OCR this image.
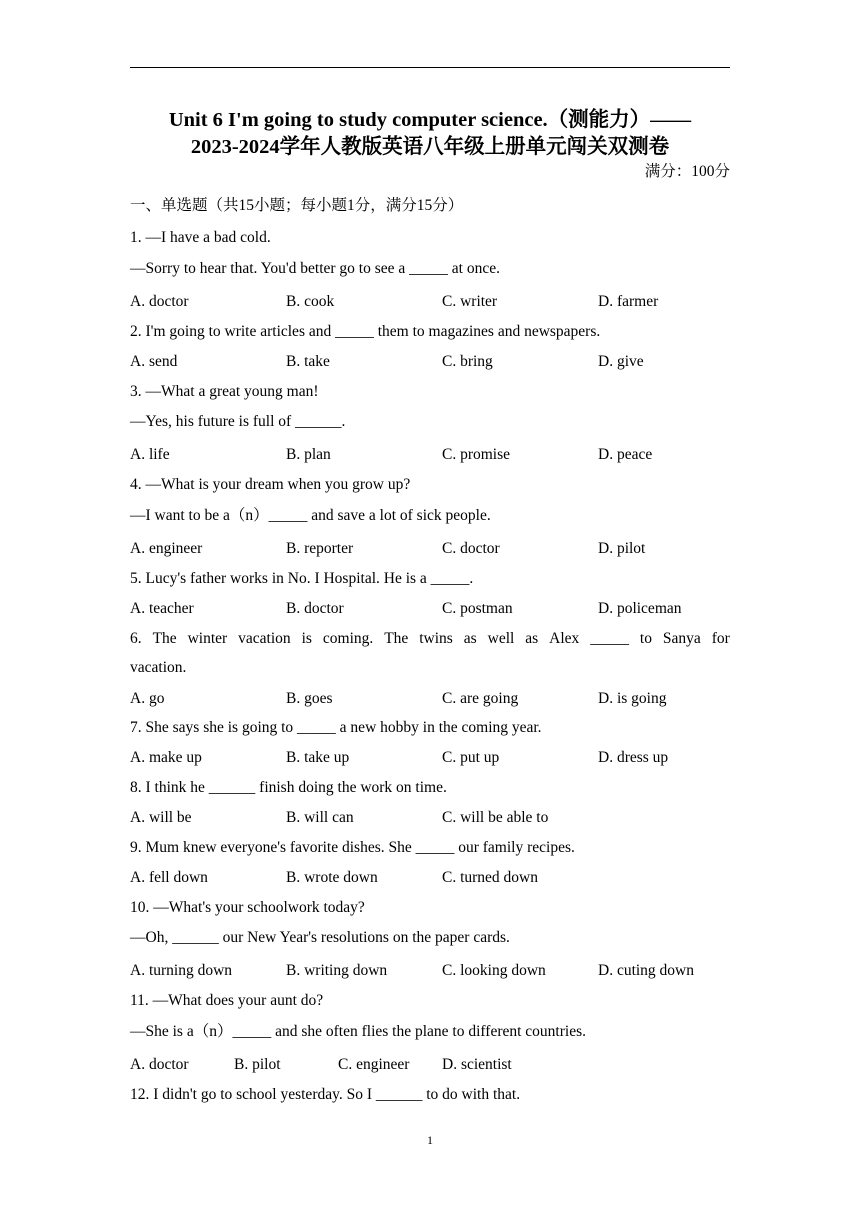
Unit 6 I'm going to study computer science.（测能力）——
2023-2024学年人教版英语八年级上册单元闯关双测卷
满分：100分
一、单选题（共15小题；每小题1分，满分15分）
1. —I have a bad cold.
—Sorry to hear that. You'd better go to see a _____ at once.
A. doctor	B. cook	C. writer	D. farmer
2. I'm going to write articles and _____ them to magazines and newspapers.
A. send	B. take	C. bring	D. give
3. —What a great young man!
—Yes, his future is full of ______.
A. life	B. plan	C. promise	D. peace
4. —What is your dream when you grow up?
—I want to be a（n）_____ and save a lot of sick people.
A. engineer	B. reporter	C. doctor	D. pilot
5. Lucy's father works in No. I Hospital. He is a _____.
A. teacher	B. doctor	C. postman	D. policeman
6. The winter vacation is coming. The twins as well as Alex _____ to Sanya for
vacation.
A. go	B. goes	C. are going	D. is going
7. She says she is going to _____ a new hobby in the coming year.
A. make up	B. take up	C. put up	D. dress up
8. I think he ______ finish doing the work on time.
A. will be	B. will can	C. will be able to
9. Mum knew everyone's favorite dishes. She _____ our family recipes.
A. fell down	B. wrote down	C. turned down
10. —What's your schoolwork today?
—Oh, ______ our New Year's resolutions on the paper cards.
A. turning down	B. writing down	C. looking down	D. cuting down
11. —What does your aunt do?
—She is a（n）_____ and she often flies the plane to different countries.
A. doctor	B. pilot	C. engineer D. scientist
12. I didn't go to school yesterday. So I ______ to do with that.
1
